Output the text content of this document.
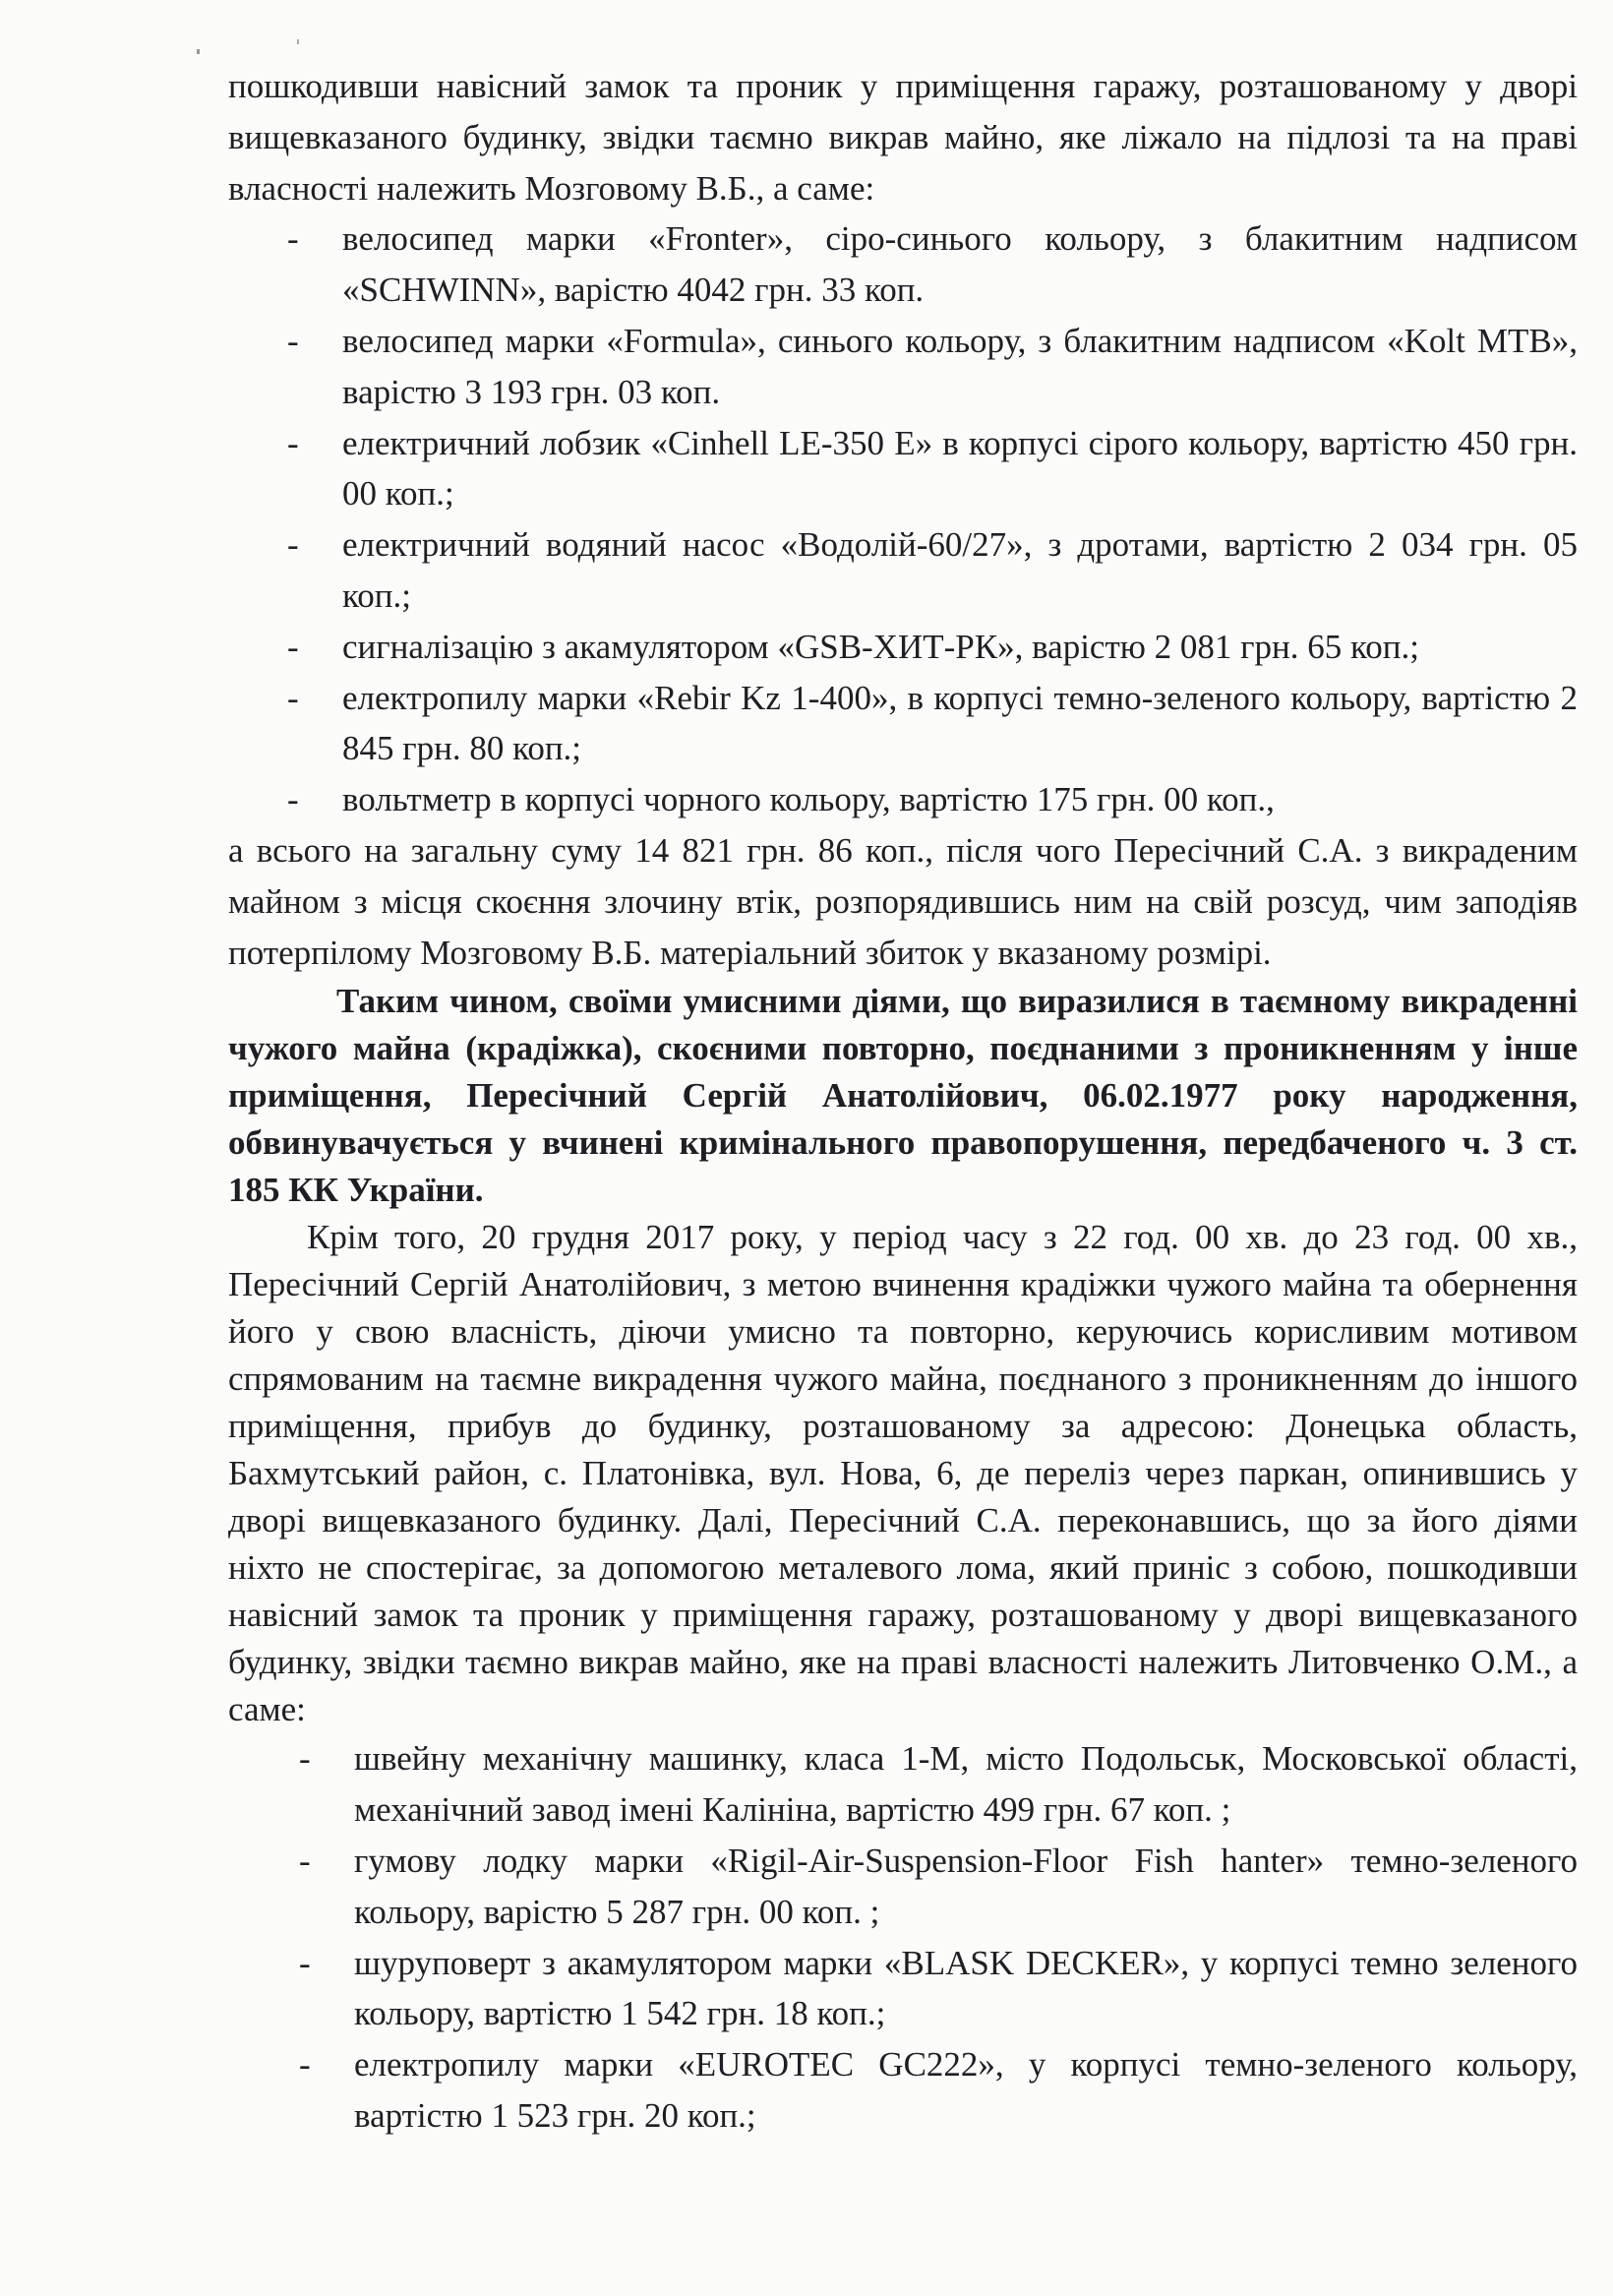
пошкодивши навісний замок та проник у приміщення гаражу, розташованому у дворі вищевказаного будинку, звідки таємно викрав майно, яке ліжало на підлозі та на праві власності належить Мозговому В.Б., а саме:

- велосипед марки «Fronter», сіро-синього кольору, з блакитним надписом «SCHWINN», варістю 4042 грн. 33 коп.
- велосипед марки «Formula», синього кольору, з блакитним надписом «Kolt MTB», варістю 3 193 грн. 03 коп.
- електричний лобзик «Cinhell LE-350 E» в корпусі сірого кольору, вартістю 450 грн. 00 коп.;
- електричний водяний насос «Водолій-60/27», з дротами, вартістю 2 034 грн. 05 коп.;
- сигналізацію з акамулятором «GSB-ХИТ-РК», варістю 2 081 грн. 65 коп.;
- електропилу марки «Rebir Kz 1-400», в корпусі темно-зеленого кольору, вартістю 2 845 грн. 80 коп.;
- вольтметр в корпусі чорного кольору, вартістю 175 грн. 00 коп.,

а всього на загальну суму 14 821 грн. 86 коп., після чого Пересічний С.А. з викраденим майном з місця скоєння злочину втік, розпорядившись ним на свій розсуд, чим заподіяв потерпілому Мозговому В.Б. матеріальний збиток у вказаному розмірі.

Таким чином, своїми умисними діями, що виразилися в таємному викраденні чужого майна (крадіжка), скоєними повторно, поєднаними з проникненням у інше приміщення, Пересічний Сергій Анатолійович, 06.02.1977 року народження, обвинувачується у вчинені кримінального правопорушення, передбаченого ч. 3 ст. 185 КК України.

Крім того, 20 грудня 2017 року, у період часу з 22 год. 00 хв. до 23 год. 00 хв., Пересічний Сергій Анатолійович, з метою вчинення крадіжки чужого майна та обернення його у свою власність, діючи умисно та повторно, керуючись корисливим мотивом спрямованим на таємне викрадення чужого майна, поєднаного з проникненням до іншого приміщення, прибув до будинку, розташованому за адресою: Донецька область, Бахмутський район, с. Платонівка, вул. Нова, 6, де переліз через паркан, опинившись у дворі вищевказаного будинку. Далі, Пересічний С.А. переконавшись, що за його діями ніхто не спостерігає, за допомогою металевого лома, який приніс з собою, пошкодивши навісний замок та проник у приміщення гаражу, розташованому у дворі вищевказаного будинку, звідки таємно викрав майно, яке на праві власності належить Литовченко О.М., а саме:

- швейну механічну машинку, класа 1-М, місто Подольськ, Московської області, механічний завод імені Калініна, вартістю 499 грн. 67 коп. ;
- гумову лодку марки «Rigil-Air-Suspension-Floor Fish hanter» темно-зеленого кольору, варістю 5 287 грн. 00 коп. ;
- шуруповерт з акамулятором марки «BLASK DECKER», у корпусі темно зеленого кольору, вартістю 1 542 грн. 18 коп.;
- електропилу марки «EUROTEC GC222», у корпусі темно-зеленого кольору, вартістю 1 523 грн. 20 коп.;
